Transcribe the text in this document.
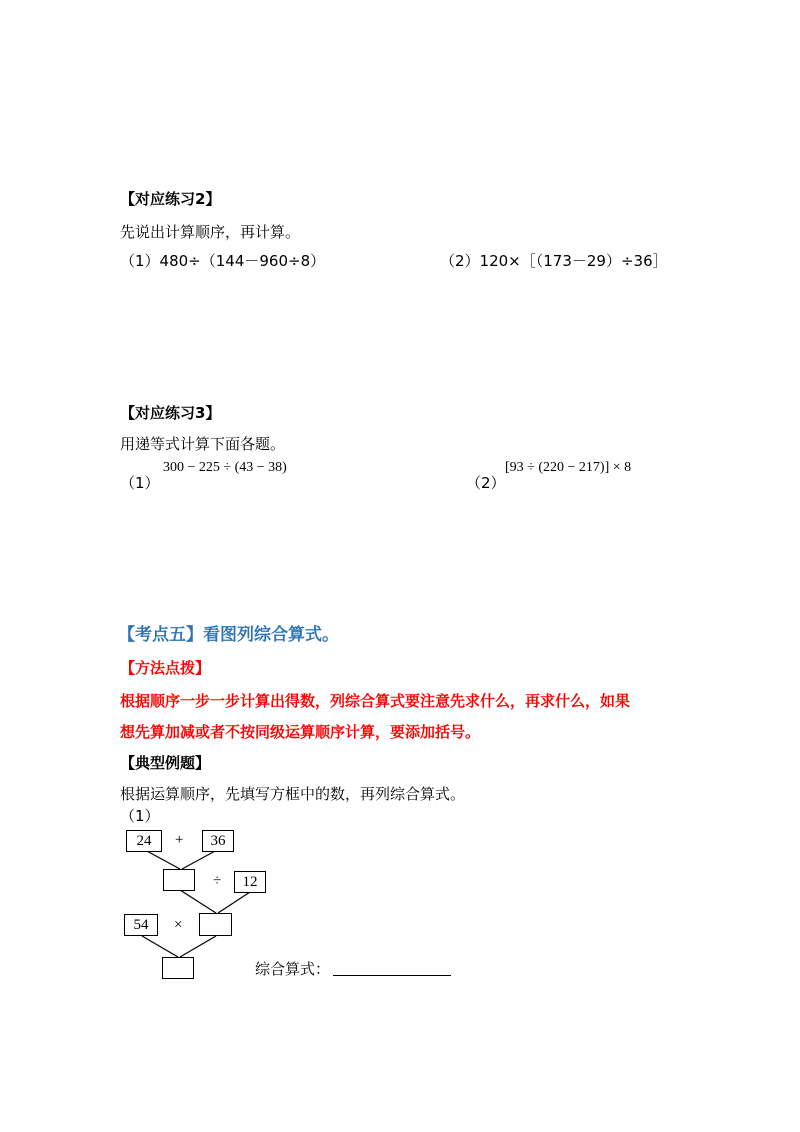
【对应练习2】
先说出计算顺序，再计算。
（1）480÷（144－960÷8）	（2）120×［（173－29）÷36］
【对应练习3】
用递等式计算下面各题。
（1）
300 − 225 ÷ (43 − 38)
（2）
[93 ÷ (220 − 217)] × 8
【考点五】看图列综合算式。
【方法点拨】
根据顺序一步一步计算出得数，列综合算式要注意先求什么，再求什么，如果
想先算加减或者不按同级运算顺序计算，要添加括号。
【典型例题】
根据运算顺序，先填写方框中的数，再列综合算式。
（1）
24	+	36
÷	12
54	×
综合算式：
